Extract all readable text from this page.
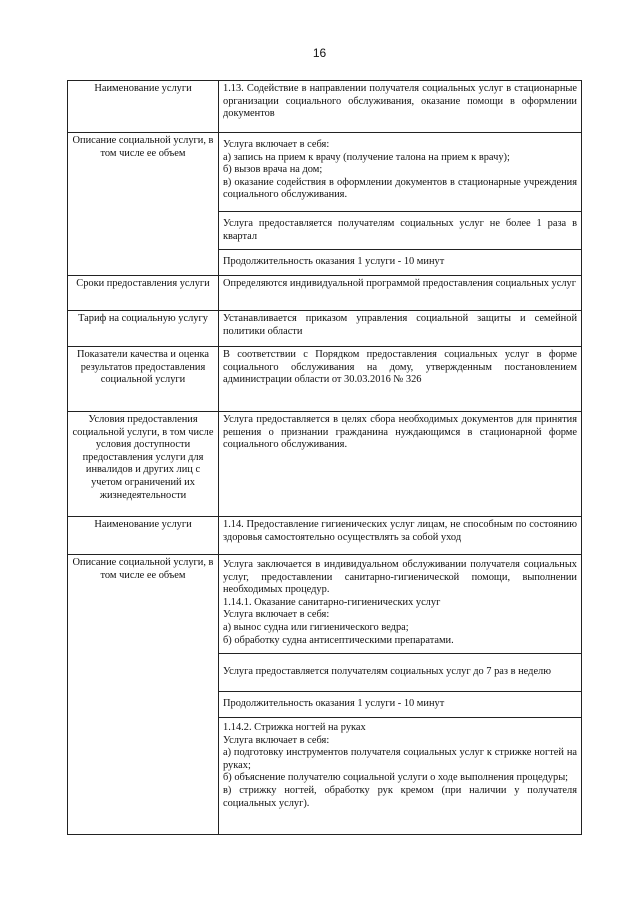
16
Наименование услуги	1.13. Содействие в направлении получателя социальных услуг в стационарные организации социального обслуживания, оказание помощи в оформлении документов
Описание социальной услуги, в том числе ее объем	Услуга включает в себя:

а) запись на прием к врачу (получение талона на прием к врачу);

б) вызов врача на дом;

в) оказание содействия в оформлении документов в стационарные учреждения социального обслуживания.

	Услуга предоставляется получателям социальных услуг не более 1 раза в квартал
	Продолжительность оказания 1 услуги - 10 минут
Сроки предоставления услуги	Определяются индивидуальной программой предоставления социальных услуг
Тариф на социальную услугу	Устанавливается приказом управления социальной защиты и семейной политики области
Показатели качества и оценка результатов предоставления социальной услуги	В соответствии с Порядком предоставления социальных услуг в форме социального обслуживания на дому, утвержденным постановлением администрации области от 30.03.2016 № 326
Условия предоставления социальной услуги, в том числе условия доступности предоставления услуги для инвалидов и других лиц с учетом ограничений их жизнедеятельности	Услуга предоставляется в целях сбора необходимых документов для принятия решения о признании гражданина нуждающимся в стационарной форме социального обслуживания.
Наименование услуги	1.14. Предоставление гигиенических услуг лицам, не способным по состоянию здоровья самостоятельно осуществлять за собой уход
Описание социальной услуги, в том числе ее объем	Услуга заключается в индивидуальном обслуживании получателя социальных услуг, предоставлении санитарно-гигиенической помощи, выполнении необходимых процедур.

1.14.1. Оказание санитарно-гигиенических услуг

Услуга включает в себя:

а) вынос судна или гигиенического ведра;

б) обработку судна антисептическими препаратами.

	Услуга предоставляется получателям социальных услуг до 7 раз в неделю
	Продолжительность оказания 1 услуги - 10 минут

	1.14.2. Стрижка ногтей на руках

Услуга включает в себя:

а) подготовку инструментов получателя социальных услуг к стрижке ногтей на руках;

б) объяснение получателю социальной услуги о ходе выполнения процедуры;

в) стрижку ногтей, обработку рук кремом (при наличии у получателя социальных услуг).
